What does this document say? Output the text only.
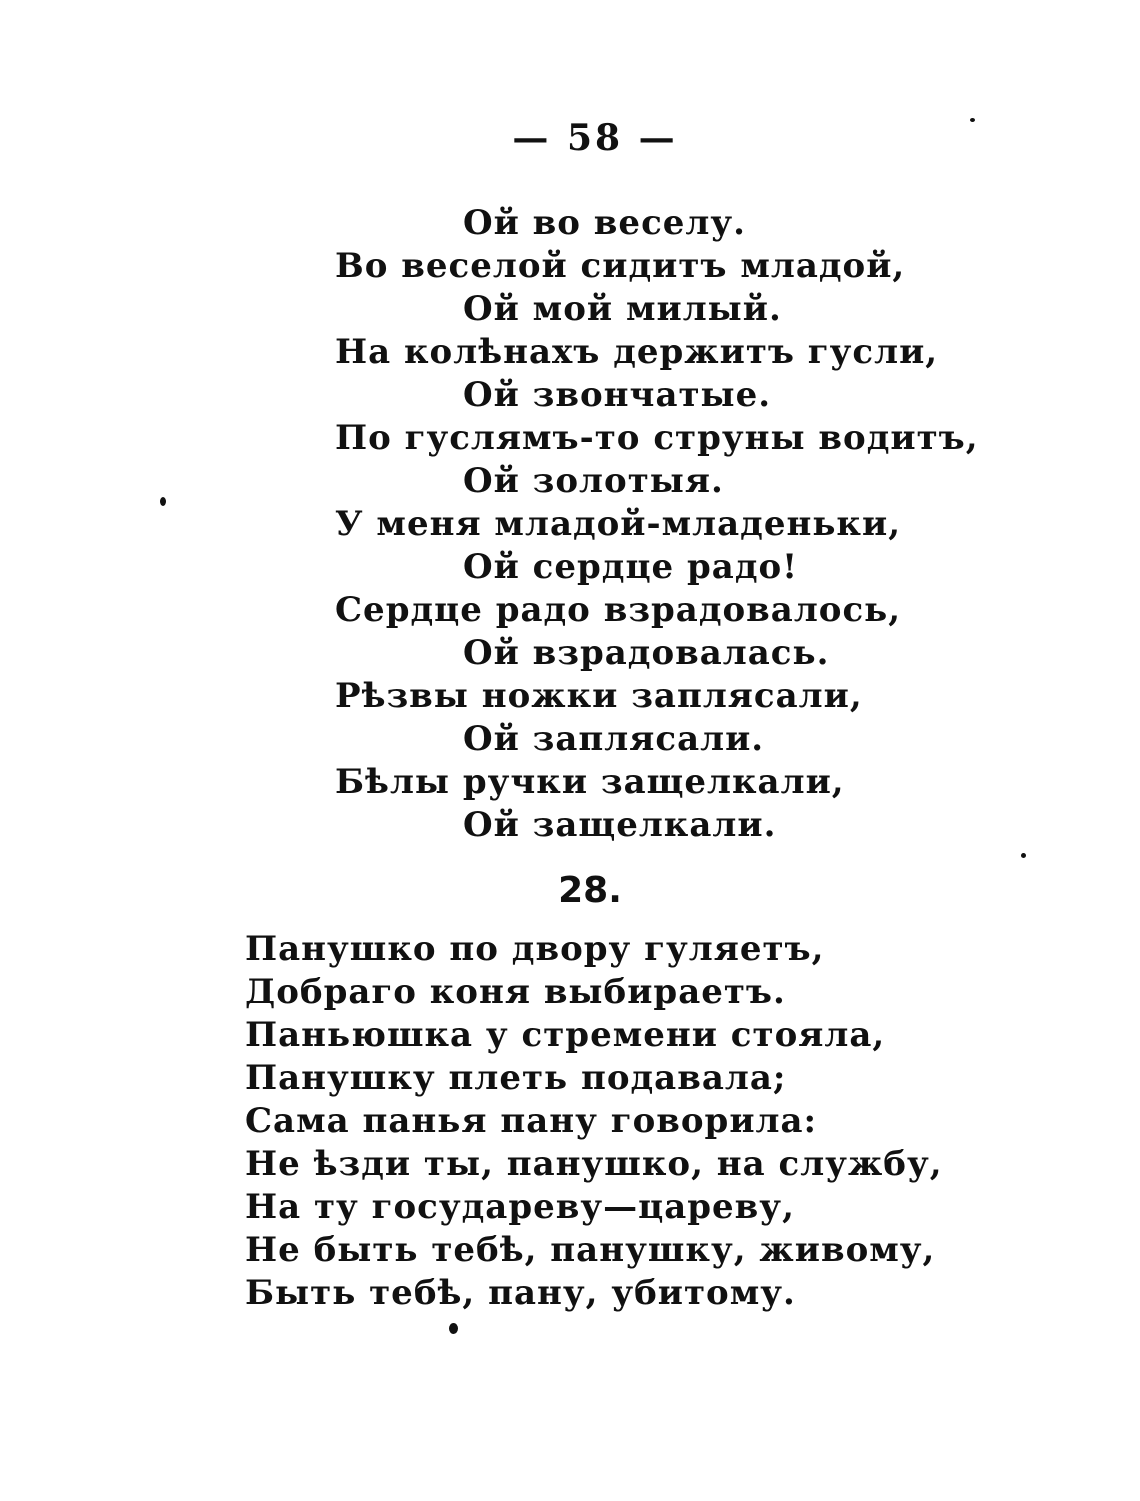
— 58 —
Ой во веселу.
Во веселой сидитъ младой,
Ой мой милый.
На колѣнахъ держитъ гусли,
Ой звончатые.
По гуслямъ-то струны водитъ,
Ой золотыя.
У меня младой-младеньки,
Ой сердце радо!
Сердце радо взрадовалось,
Ой взрадовалась.
Рѣзвы ножки заплясали,
Ой заплясали.
Бѣлы ручки защелкали,
Ой защелкали.
28.
Панушко по двору гуляетъ,
Добраго коня выбираетъ.
Паньюшка у стремени стояла,
Панушку плеть подавала;
Сама панья пану говорила:
Не ѣзди ты, панушко, на службу,
На ту государеву—цареву,
Не быть тебѣ, панушку, живому,
Быть тебѣ, пану, убитому.
